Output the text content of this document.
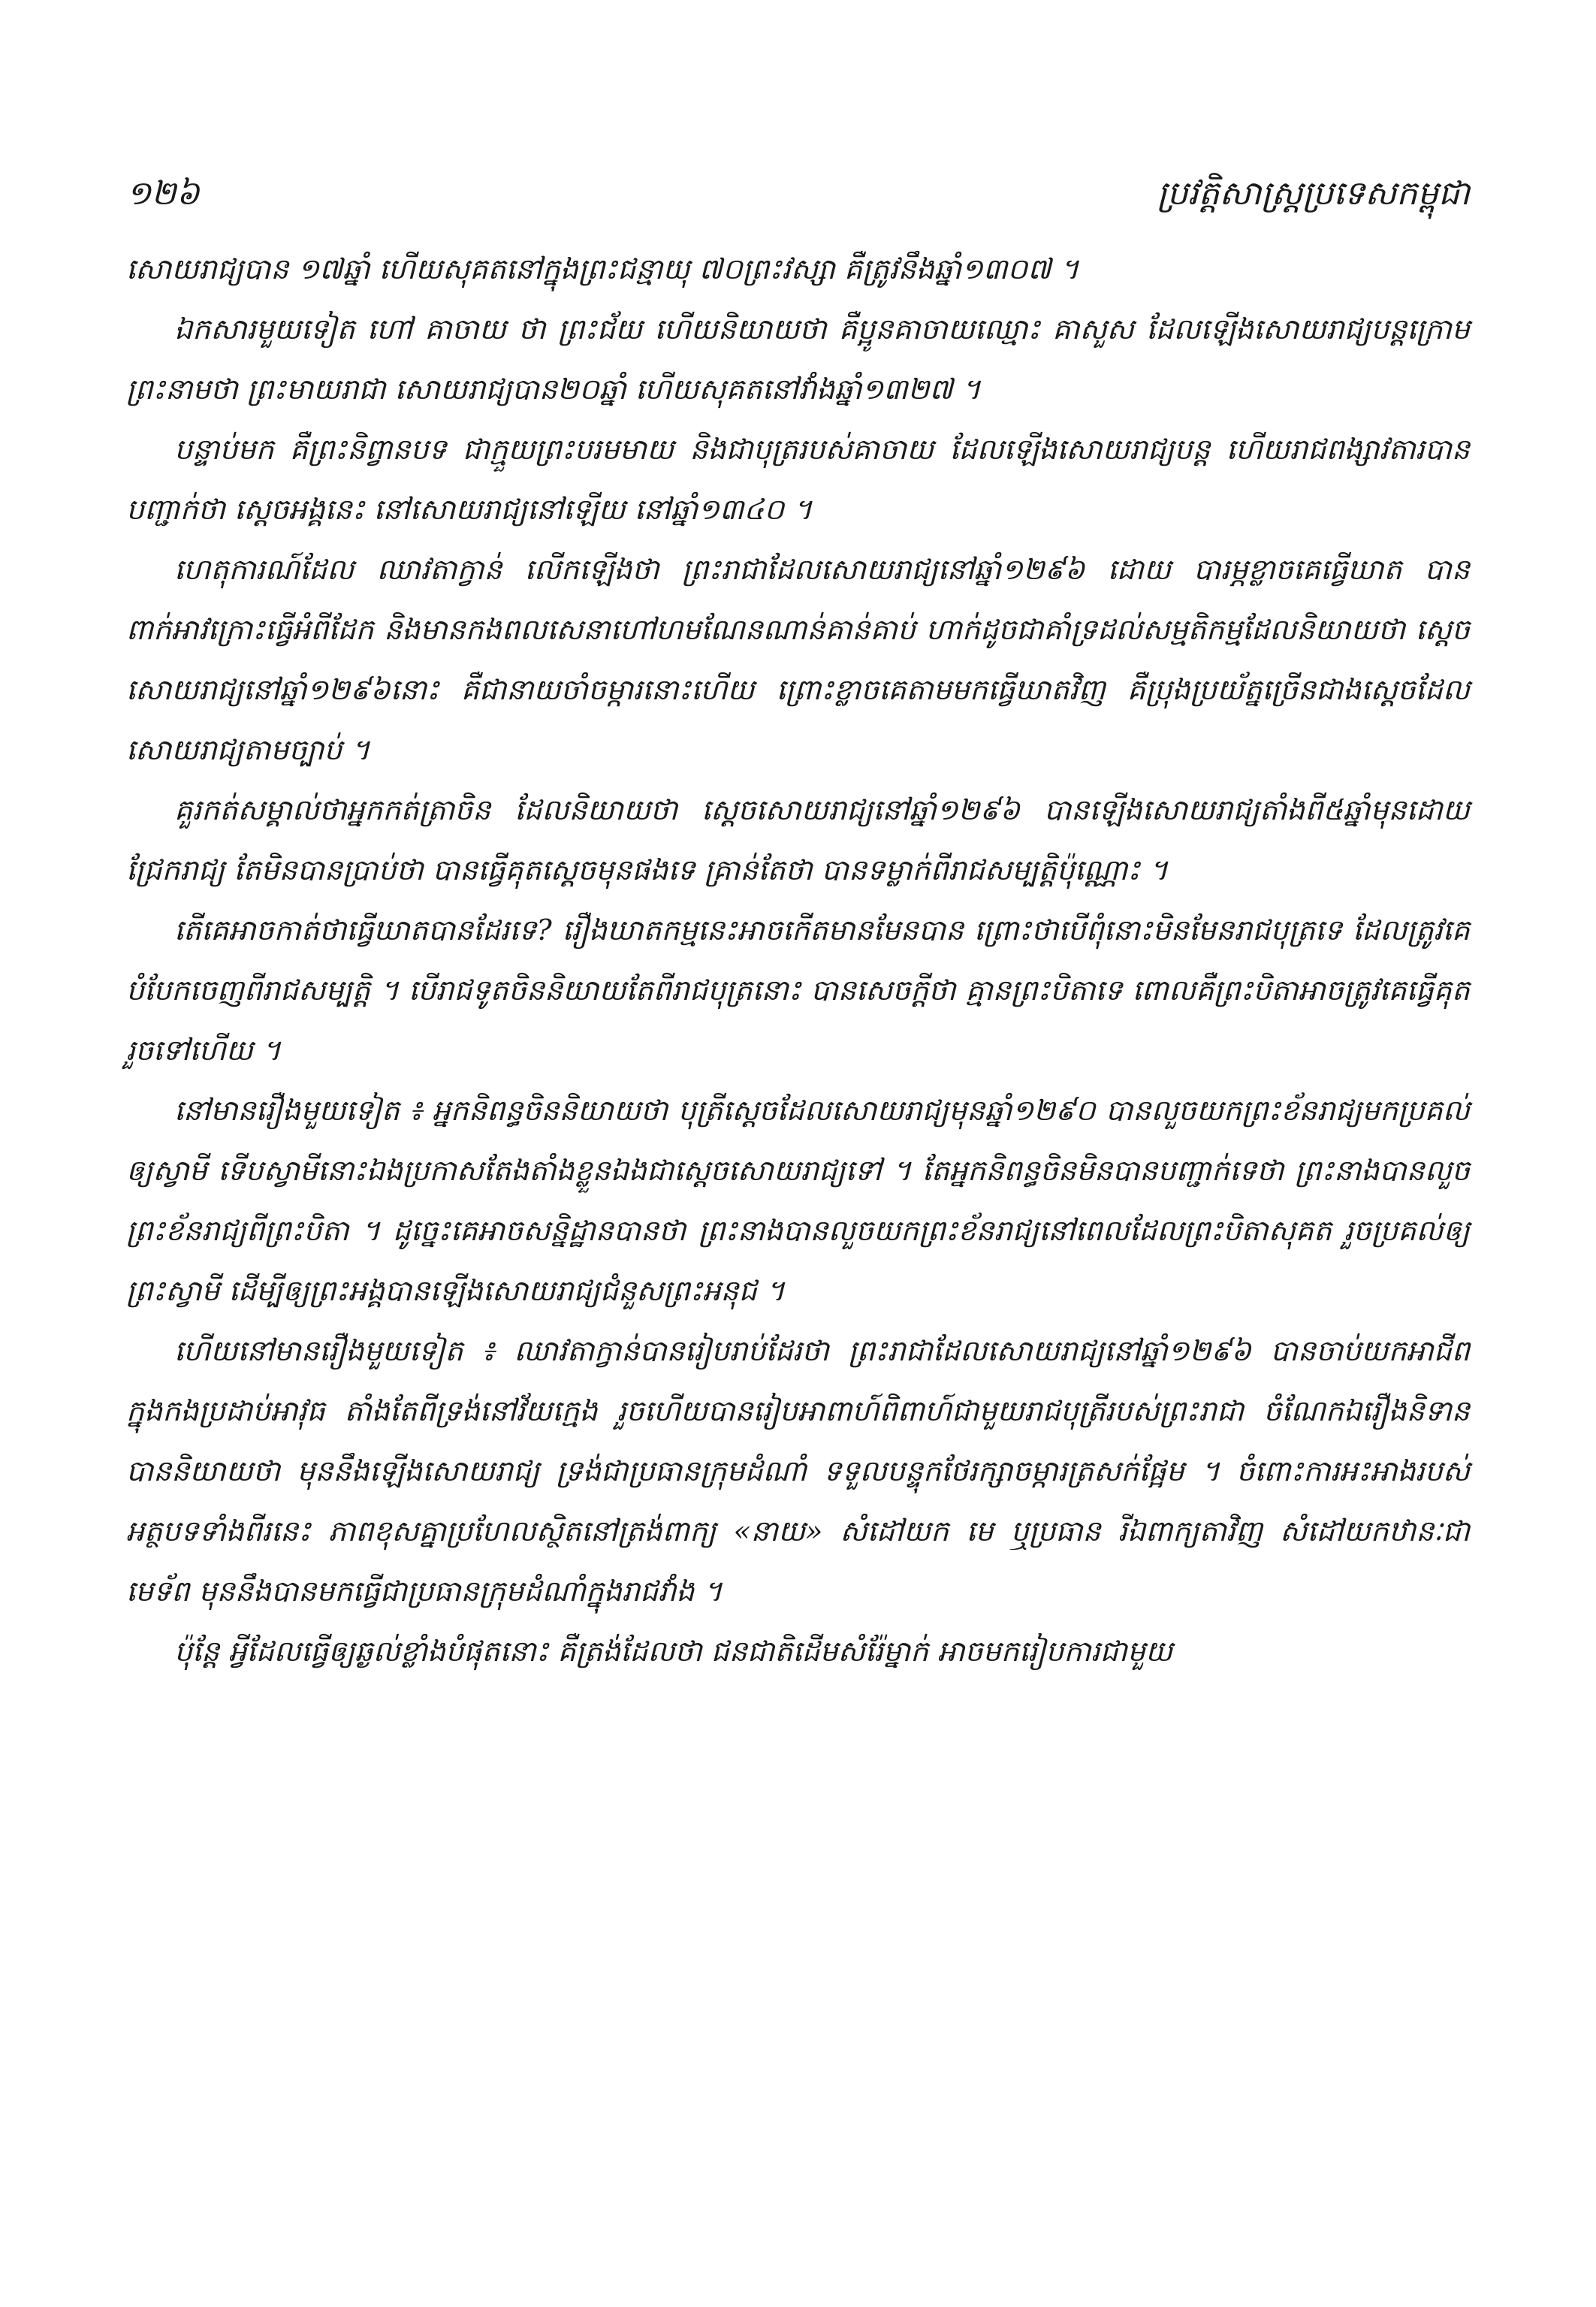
១២៦	ប្រវត្តិសាស្ត្រប្រទេសកម្ពុជា

សោយរាជ្យបាន ១៧ឆ្នាំ ហើយសុគតនៅក្នុងព្រះជន្មាយុ ៧០ព្រះវស្សា គឺត្រូវនឹងឆ្នាំ១៣០៧ ។

ឯកសារមួយទៀត ហៅ គាចាយ ថា ព្រះជ័យ ហើយនិយាយថា គឺប្អូនគាចាយឈ្មោះ គាសួស ដែលឡើងសោយរាជ្យបន្តក្រោមព្រះនាមថា ព្រះមាយរាជា សោយរាជ្យបាន២០ឆ្នាំ ហើយសុគតនៅវាំងឆ្នាំ១៣២៧ ។

បន្ទាប់មក គឺព្រះនិព្វានបទ ជាក្មួយព្រះបរមមាយ និងជាបុត្ររបស់គាចាយ ដែលឡើងសោយរាជ្យបន្ត ហើយរាជពង្សាវតារបានបញ្ជាក់ថា ស្ដេចអង្គនេះ នៅសោយរាជ្យនៅឡើយ នៅឆ្នាំ១៣៤០ ។

ហេតុការណ៍ដែល ឈាវតាក្វាន់ លើកឡើងថា ព្រះរាជាដែលសោយរាជ្យនៅឆ្នាំ១២៩៦ ដោយ បារម្ភខ្លាចគេធ្វើឃាត បានពាក់អាវក្រោះធ្វើអំពីដែក និងមានកងពលសេនាហៅហមណែនណាន់គាន់គាប់ ហាក់ដូចជាគាំទ្រដល់សម្មតិកម្មដែលនិយាយថា ស្ដេចសោយរាជ្យនៅឆ្នាំ១២៩៦នោះ គឺជានាយចាំចម្ការនោះហើយ ព្រោះខ្លាចគេតាមមកធ្វើឃាតវិញ គឺប្រុងប្រយ័ត្នច្រើនជាងស្ដេចដែលសោយរាជ្យតាមច្បាប់ ។

គួរកត់សម្គាល់ថាអ្នកកត់ត្រាចិន ដែលនិយាយថា ស្ដេចសោយរាជ្យនៅឆ្នាំ១២៩៦ បានឡើងសោយរាជ្យតាំងពី៥ឆ្នាំមុនដោយជ្រែករាជ្យ តែមិនបានប្រាប់ថា បានធ្វើគុតស្ដេចមុនផងទេ គ្រាន់តែថា បានទម្លាក់ពីរាជសម្បត្តិប៉ុណ្ណោះ ។

តើគេអាចកាត់ថាធ្វើឃាតបានដែរទេ? រឿងឃាតកម្មនេះអាចកើតមានមែនបាន ព្រោះថាបើពុំនោះមិនមែនរាជបុត្រទេ ដែលត្រូវគេបំបែកចេញពីរាជសម្បត្តិ ។ បើរាជទូតចិននិយាយតែពីរាជបុត្រនោះ បានសេចក្ដីថា គ្មានព្រះបិតាទេ ពោលគឺព្រះបិតាអាចត្រូវគេធ្វើគុតរួចទៅហើយ ។

នៅមានរឿងមួយទៀត ៖ អ្នកនិពន្ធចិននិយាយថា បុត្រីស្ដេចដែលសោយរាជ្យមុនឆ្នាំ១២៩០ បានលួចយកព្រះខ័នរាជ្យមកប្រគល់ឲ្យស្វាមី ទើបស្វាមីនោះឯងប្រកាសតែងតាំងខ្លួនឯងជាស្ដេចសោយរាជ្យទៅ ។ តែអ្នកនិពន្ធចិនមិនបានបញ្ជាក់ទេថា ព្រះនាងបានលួចព្រះខ័នរាជ្យពីព្រះបិតា ។ ដូច្នេះគេអាចសន្និដ្ឋានបានថា ព្រះនាងបានលួចយកព្រះខ័នរាជ្យនៅពេលដែលព្រះបិតាសុគត រួចប្រគល់ឲ្យព្រះស្វាមី ដើម្បីឲ្យព្រះអង្គបានឡើងសោយរាជ្យជំនួសព្រះអនុជ ។

ហើយនៅមានរឿងមួយទៀត ៖ ឈាវតាក្វាន់បានរៀបរាប់ដែរថា ព្រះរាជាដែលសោយរាជ្យនៅឆ្នាំ១២៩៦ បានចាប់យកអាជីពក្នុងកងប្រដាប់អាវុធ តាំងតែពីទ្រង់នៅវ័យក្មេង រួចហើយបានរៀបអាពាហ៍ពិពាហ៍ជាមួយរាជបុត្រីរបស់ព្រះរាជា ចំណែកឯរឿងនិទានបាននិយាយថា មុននឹងឡើងសោយរាជ្យ ទ្រង់ជាប្រធានក្រុមដំណាំ ទទួលបន្ទុកថែរក្សាចម្ការត្រសក់ផ្អែម ។ ចំពោះការអះអាងរបស់អត្ថបទទាំងពីរនេះ ភាពខុសគ្នាប្រហែលស្ថិតនៅត្រង់ពាក្យ «នាយ» សំដៅយក មេ ឬប្រធាន រីឯពាក្យតាវិញ សំដៅយកឋានៈជាមេទ័ព មុននឹងបានមកធ្វើជាប្រធានក្រុមដំណាំក្នុងរាជវាំង ។

ប៉ុន្តែ អ្វីដែលធ្វើឲ្យឆ្ងល់ខ្លាំងបំផុតនោះ គឺត្រង់ដែលថា ជនជាតិដើមសំរ៉ែម្នាក់ អាចមករៀបការជាមួយ
